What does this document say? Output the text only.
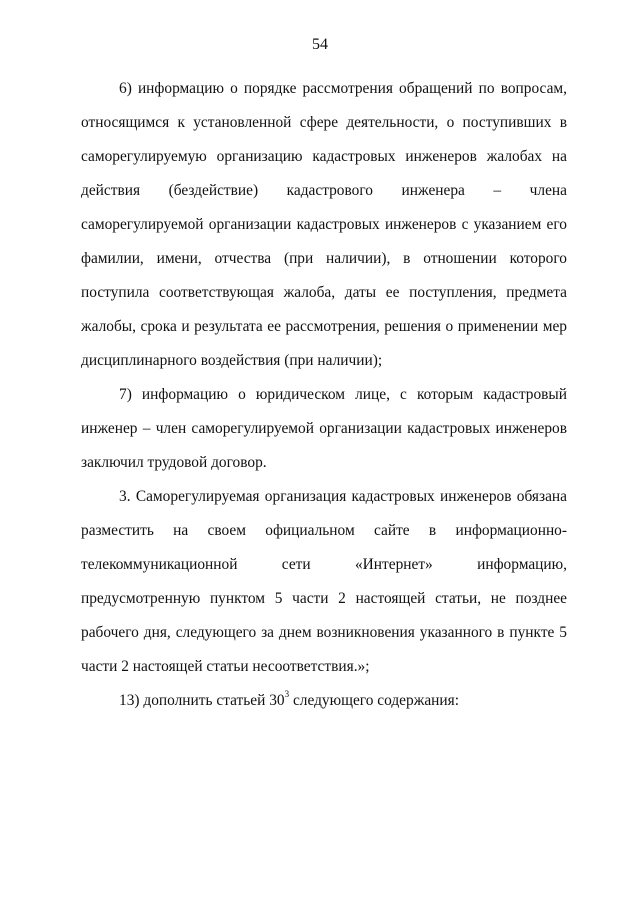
54

6) информацию о порядке рассмотрения обращений по вопросам, относящимся к установленной сфере деятельности, о поступивших в саморегулируемую организацию кадастровых инженеров жалобах на действия (бездействие) кадастрового инженера – члена саморегулируемой организации кадастровых инженеров с указанием его фамилии, имени, отчества (при наличии), в отношении которого поступила соответствующая жалоба, даты ее поступления, предмета жалобы, срока и результата ее рассмотрения, решения о применении мер дисциплинарного воздействия (при наличии);

7) информацию о юридическом лице, с которым кадастровый инженер – член саморегулируемой организации кадастровых инженеров заключил трудовой договор.

3. Саморегулируемая организация кадастровых инженеров обязана разместить на своем официальном сайте в информационно-телекоммуникационной сети «Интернет» информацию, предусмотренную пунктом 5 части 2 настоящей статьи, не позднее рабочего дня, следующего за днем возникновения указанного в пункте 5 части 2 настоящей статьи несоответствия.»;

13) дополнить статьей $30^3$ следующего содержания:
